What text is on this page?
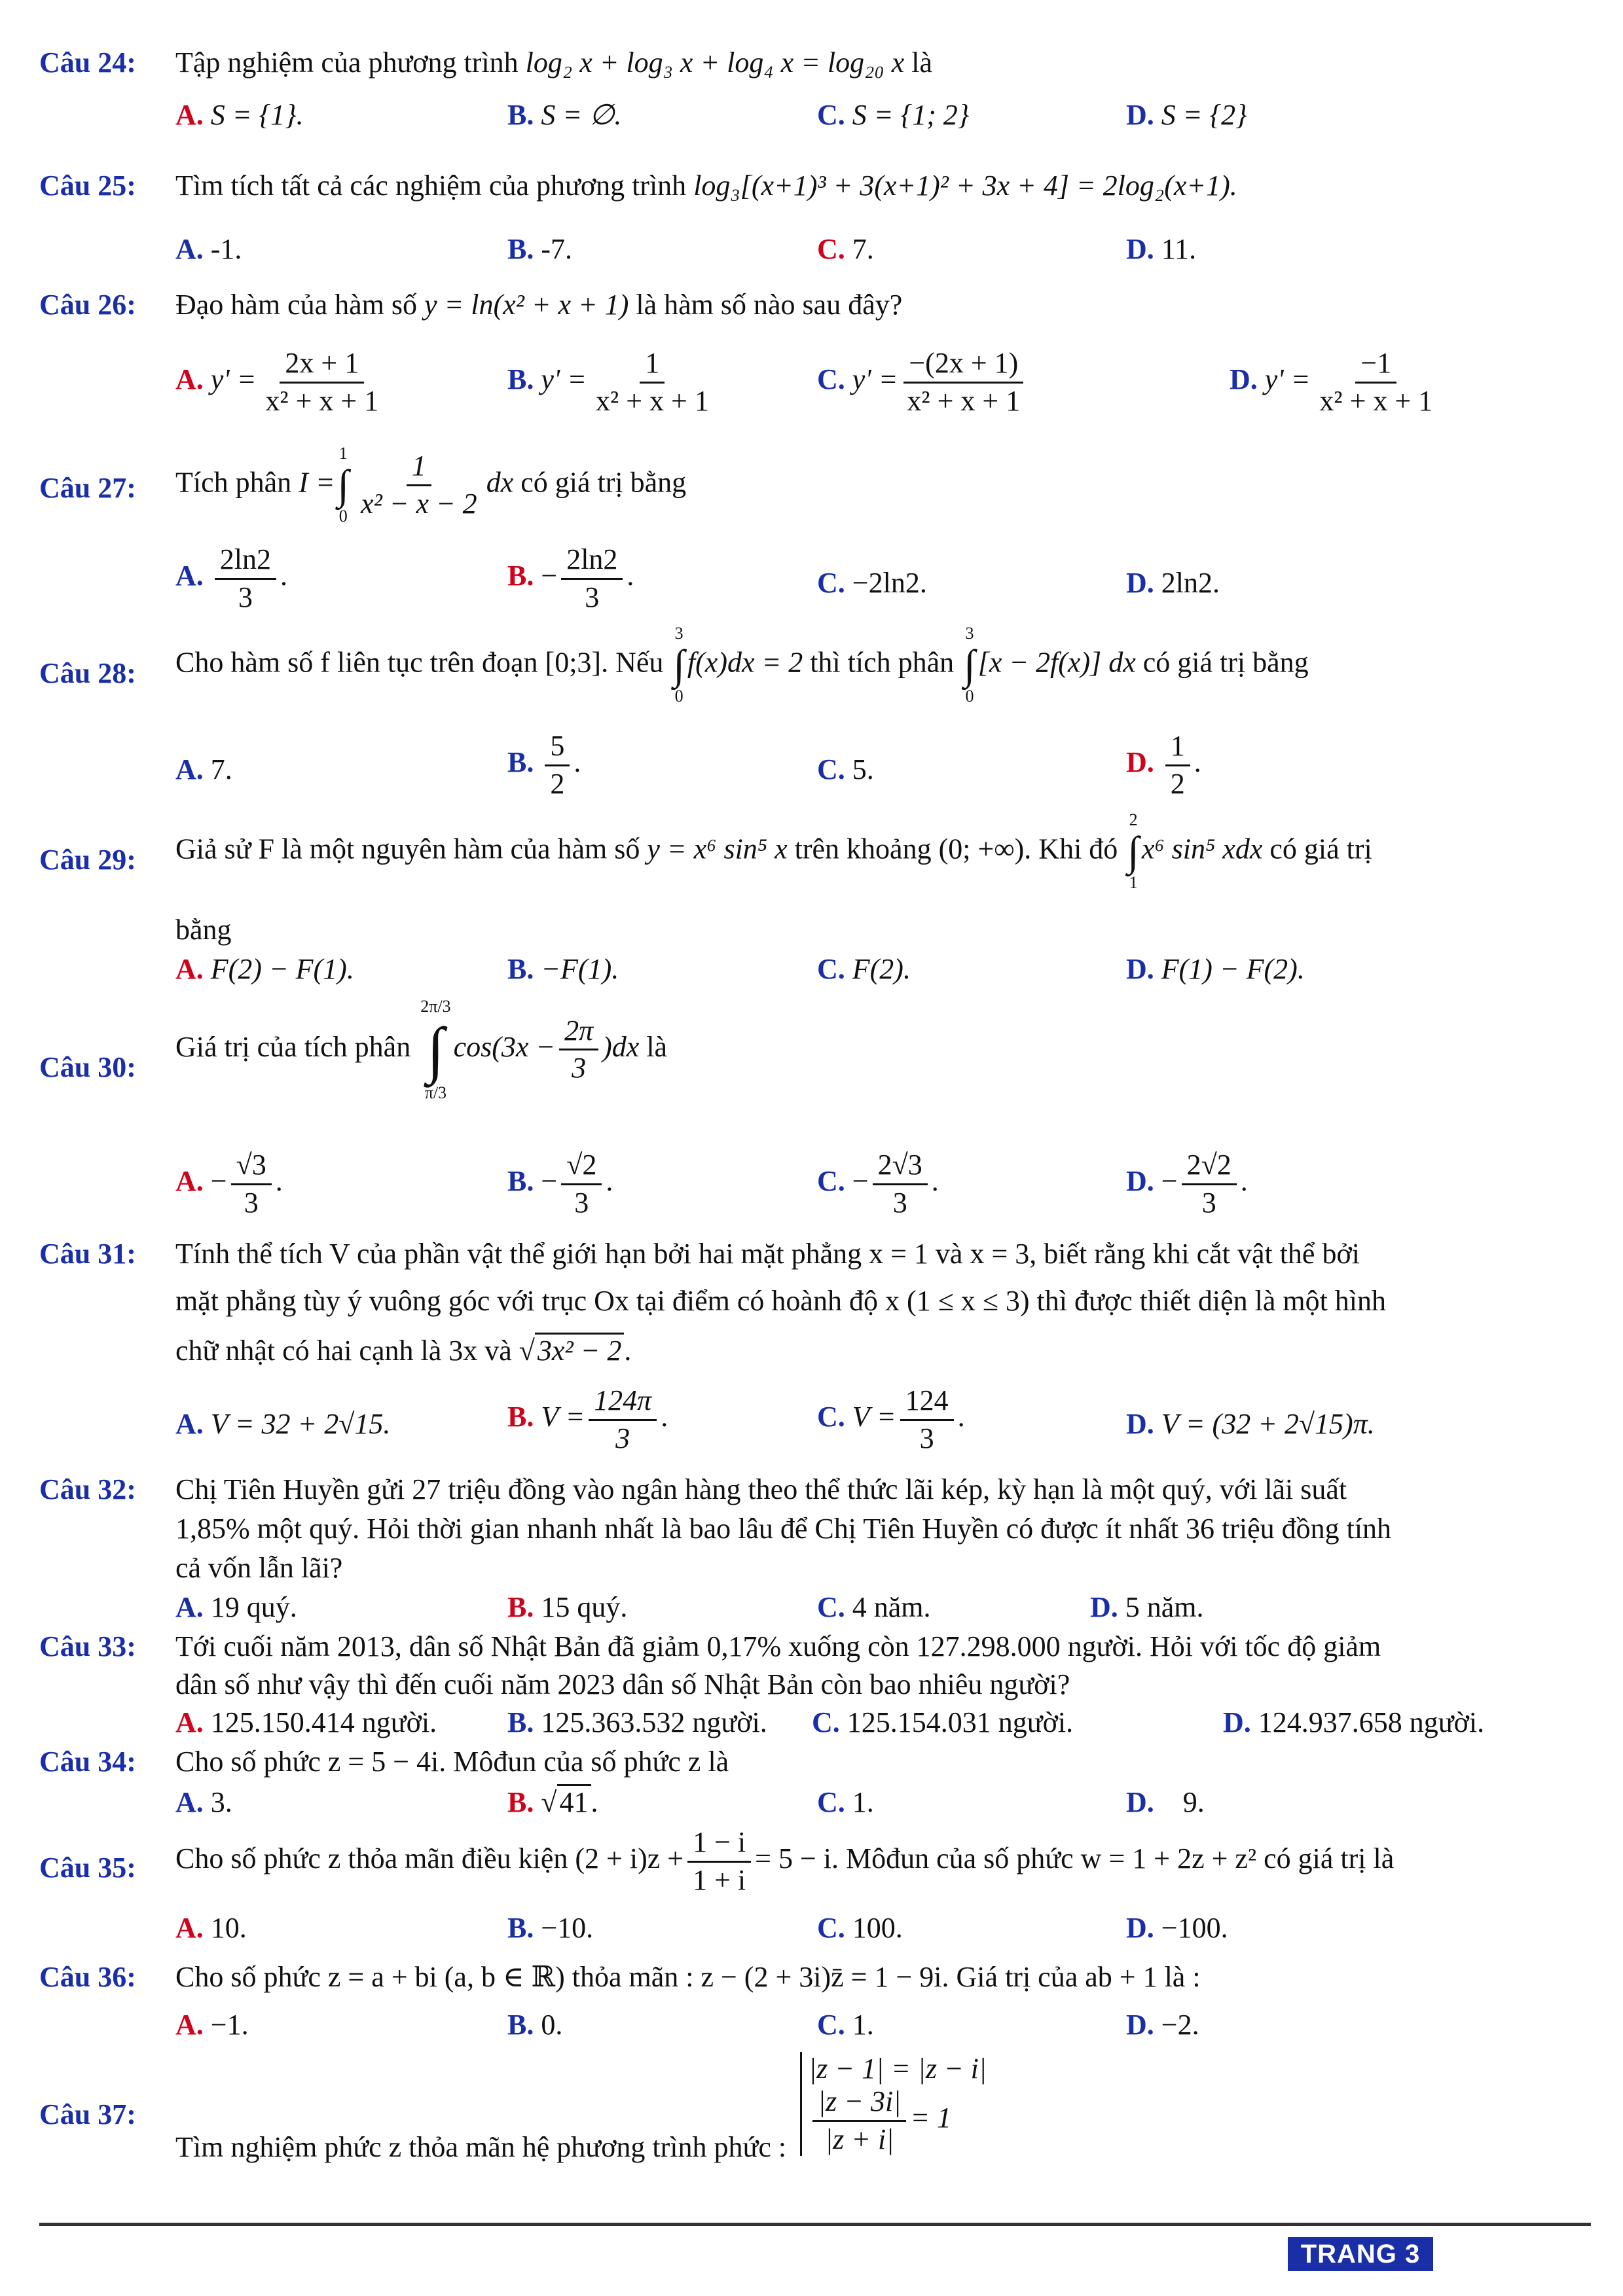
Câu 24: Tập nghiệm của phương trình log₂ x + log₃ x + log₄ x = log₂₀ x là
A. S = {1}.	B. S = ∅.	C. S = {1; 2}	D. S = {2}
Câu 25: Tìm tích tất cả các nghiệm của phương trình log₃[(x+1)³ + 3(x+1)² + 3x + 4] = 2log₂(x+1).
A. -1.	B. -7.	C. 7.	D. 11.
Câu 26: Đạo hàm của hàm số y = ln(x² + x + 1) là hàm số nào sau đây?
A. $y' = \frac{2x + 1}{\text{x² + x + 1}}$	B. $y' = \frac{1}{\text{x² + x + 1}}$	C. $y' = \frac{-(2x + 1)}{\text{x² + x + 1}}$	D. $y' = \frac{-1}{\text{x² + x + 1}}$
Câu 27: Tích phân I =
1
∫
$0 \frac{1}{\text{x² − x − 2}}$ dx có giá trị bằng
A. $\frac{2\ln 2}{3}$ .	B. − $\frac{2\ln 2}{3}$ .	C. −2ln2.	D. 2ln2.
Câu 28: Cho hàm số f liên tục trên đoạn [0;3]. Nếu
3
∫
0
f(x)dx = 2 thì tích phân
3
∫
0
[x − 2f(x)] dx có giá trị bằng
A. 7.	B. $\frac{5}{2}$ .	C. 5.	D. $\frac{1}{2}$ .
Câu 29: Giả sử F là một nguyên hàm của hàm số y = x⁶ sin⁵ x trên khoảng (0; +∞). Khi đó
2
∫
1
x⁶ sin⁵ xdx có giá trị
bằng
A. F(2) − F(1).	B. −F(1).	C. F(2).	D. F(1) − F(2).
Câu 30:
Giá trị của tích phân
2π/3
∫
π/3
$\cos(3x - \frac{2\pi}{3} )dx$ là
A. − $\frac{√3}{3}$ .	B. − $\frac{√2}{3}$ .	C. − $\frac{2√3}{3}$ .	D. − $\frac{2√2}{3}$ .
Câu 31: Tính thể tích V của phần vật thể giới hạn bởi hai mặt phẳng x = 1 và x = 3, biết rằng khi cắt vật thể bởi
mặt phẳng tùy ý vuông góc với trục Ox tại điểm có hoành độ x (1 ≤ x ≤ 3) thì được thiết diện là một hình
chữ nhật có hai cạnh là 3x và √3x² − 2.
A. V = 32 + 2√15.	B. $V = \frac{124\pi}{3}$ .	C. $V = \frac{124}{3}$ .	D. V = (32 + 2√15)π.
Câu 32: Chị Tiên Huyền gửi 27 triệu đồng vào ngân hàng theo thể thức lãi kép, kỳ hạn là một quý, với lãi suất
1,85% một quý. Hỏi thời gian nhanh nhất là bao lâu để Chị Tiên Huyền có được ít nhất 36 triệu đồng tính
cả vốn lẫn lãi?
A. 19 quý.	B. 15 quý.	C. 4 năm.	D. 5 năm.
Câu 33: Tới cuối năm 2013, dân số Nhật Bản đã giảm 0,17% xuống còn 127.298.000 người. Hỏi với tốc độ giảm
dân số như vậy thì đến cuối năm 2023 dân số Nhật Bản còn bao nhiêu người?
A. 125.150.414 người. B. 125.363.532 người. C. 125.154.031 người.	D. 124.937.658 người.
Câu 34: Cho số phức z = 5 − 4i. Môđun của số phức z là
A. 3.	B. √41.	C. 1.	D. 9.
Câu 35: Cho số phức z thỏa mãn điều kiện $(2 + i)z + \frac{1 - i}{1 + i} = 5 - i$. Môđun của số phức w = 1 + 2z + z² có giá trị là
A. 10.	B. −10.	C. 100.	D. −100.
Câu 36: Cho số phức z = a + bi (a, b ∈ ℝ) thỏa mãn : z − (2 + 3i)z̄ = 1 − 9i. Giá trị của ab + 1 là :
A. −1.	B. 0.	C. 1.	D. −2.
Câu 37:
Tìm nghiệm phức z thỏa mãn hệ phương trình phức :
|z − 1| = |z − i|
$\frac{|z - 3i|}{|z + i|} = 1$
TRANG 3
